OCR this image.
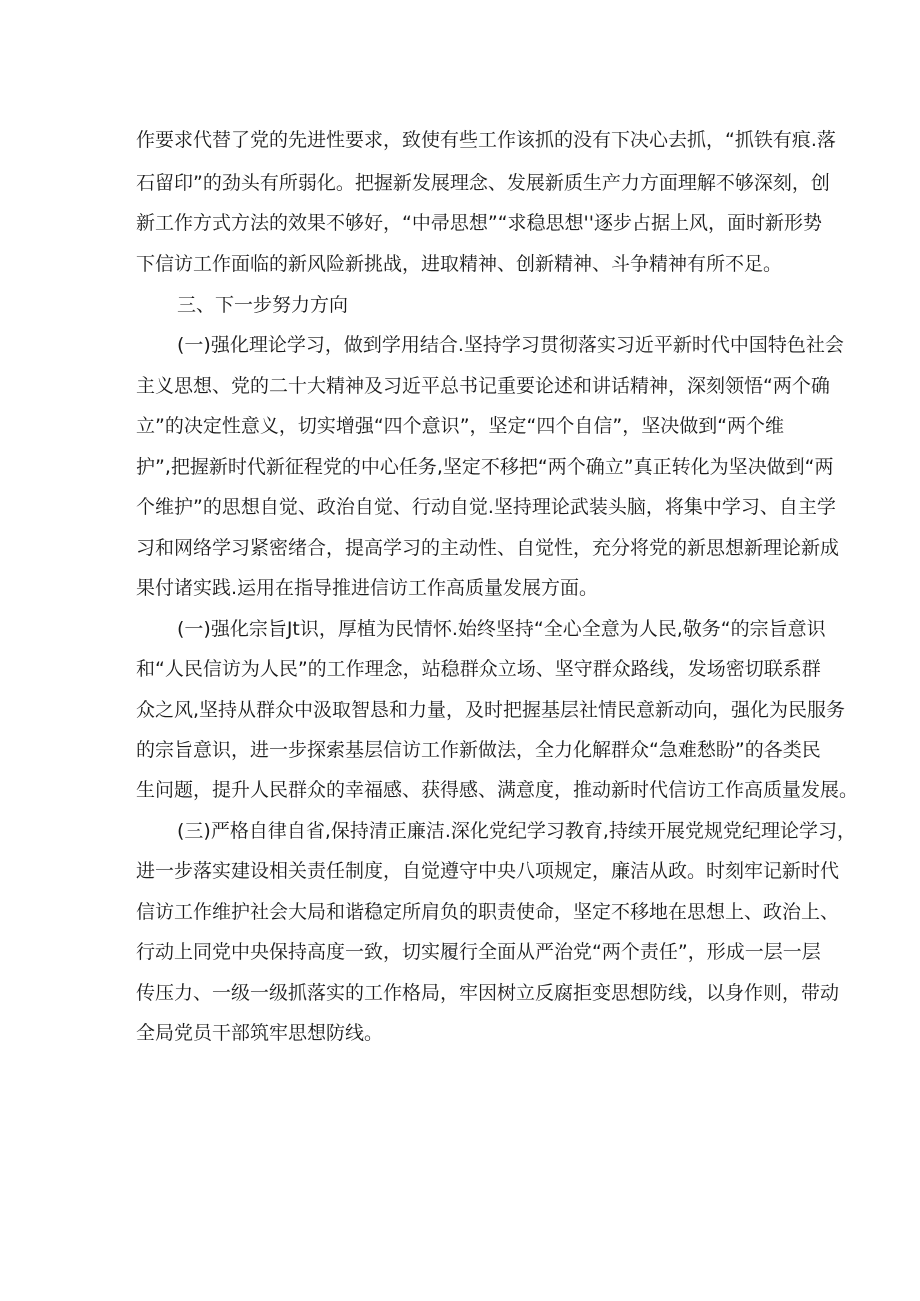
作要求代替了党的先进性要求，致使有些工作该抓的没有下决心去抓，“抓铁有痕.落

石留印”的劲头有所弱化。把握新发展理念、发展新质生产力方面理解不够深刻，创

新工作方式方法的效果不够好，“中帚思想”“求稳思想''逐步占据上风，面时新形势

下信访工作面临的新风险新挑战，进取精神、创新精神、斗争精神有所不足。

三、下一步努力方向

(一)强化理论学习，做到学用结合.坚持学习贯彻落实习近平新时代中国特色社会

主义思想、党的二十大精神及习近平总书记重要论述和讲话精神，深刻领悟“两个确

立”的决定性意义，切实增强“四个意识”，坚定“四个自信”，坚决做到“两个维

护”,把握新时代新征程党的中心任务,坚定不移把“两个确立”真正转化为坚决做到“两

个维护”的思想自觉、政治自觉、行动自觉.坚持理论武装头脑，将集中学习、自主学

习和网络学习紧密绪合，提高学习的主动性、自觉性，充分将党的新思想新理论新成

果付诸实践.运用在指导推进信访工作高质量发展方面。

(一)强化宗旨Jt识，厚植为民情怀.始终坚持“全心全意为人民,敬务“的宗旨意识

和“人民信访为人民”的工作理念，站稳群众立场、坚守群众路线，发场密切联系群

众之风,坚持从群众中汲取智恳和力量，及时把握基层社情民意新动向，强化为民服务

的宗旨意识，进一步探索基层信访工作新做法，全力化解群众“急难愁盼”的各类民

生问题，提升人民群众的幸福感、获得感、满意度，推动新时代信访工作高质量发展。

(三)严格自律自省,保持清正廉洁.深化党纪学习教育,持续开展党规党纪理论学习，

进一步落实建设相关责任制度，自觉遵守中央八项规定，廉洁从政。时刻牢记新时代

信访工作维护社会大局和谐稳定所肩负的职责使命，坚定不移地在思想上、政治上、

行动上同党中央保持高度一致，切实履行全面从严治党“两个责任”，形成一层一层

传压力、一级一级抓落实的工作格局，牢因树立反腐拒变思想防线，以身作则，带动

全局党员干部筑牢思想防线。
